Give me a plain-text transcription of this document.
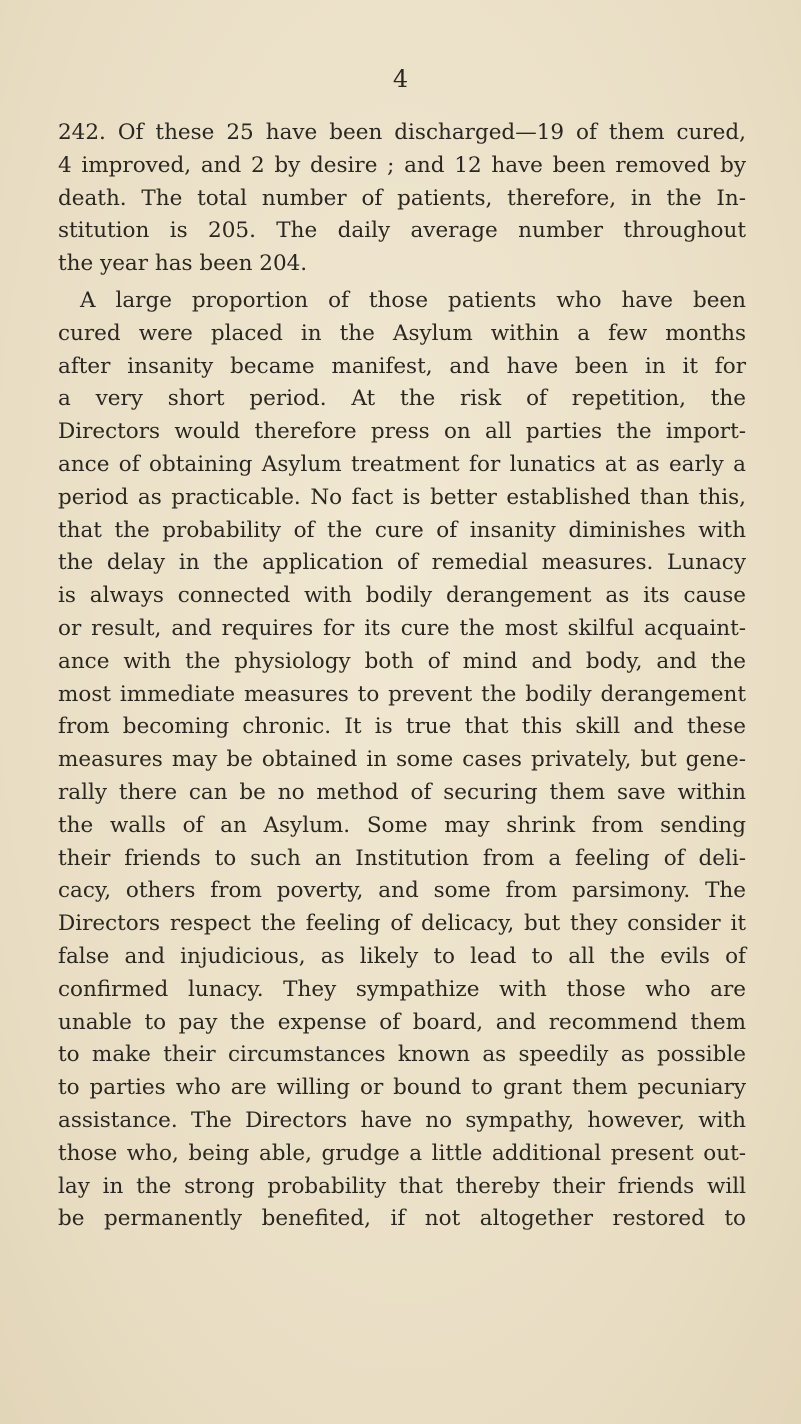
4
242. Of these 25 have been discharged—19 of them cured,
4 improved, and 2 by desire ; and 12 have been removed by
death. The total number of patients, therefore, in the In-
stitution is 205. The daily average number throughout
the year has been 204.
A large proportion of those patients who have been
cured were placed in the Asylum within a few months
after insanity became manifest, and have been in it for
a very short period. At the risk of repetition, the
Directors would therefore press on all parties the import-
ance of obtaining Asylum treatment for lunatics at as early a
period as practicable. No fact is better established than this,
that the probability of the cure of insanity diminishes with
the delay in the application of remedial measures. Lunacy
is always connected with bodily derangement as its cause
or result, and requires for its cure the most skilful acquaint-
ance with the physiology both of mind and body, and the
most immediate measures to prevent the bodily derangement
from becoming chronic. It is true that this skill and these
measures may be obtained in some cases privately, but gene-
rally there can be no method of securing them save within
the walls of an Asylum. Some may shrink from sending
their friends to such an Institution from a feeling of deli-
cacy, others from poverty, and some from parsimony. The
Directors respect the feeling of delicacy, but they consider it
false and injudicious, as likely to lead to all the evils of
confirmed lunacy. They sympathize with those who are
unable to pay the expense of board, and recommend them
to make their circumstances known as speedily as possible
to parties who are willing or bound to grant them pecuniary
assistance. The Directors have no sympathy, however, with
those who, being able, grudge a little additional present out-
lay in the strong probability that thereby their friends will
be permanently benefited, if not altogether restored to
